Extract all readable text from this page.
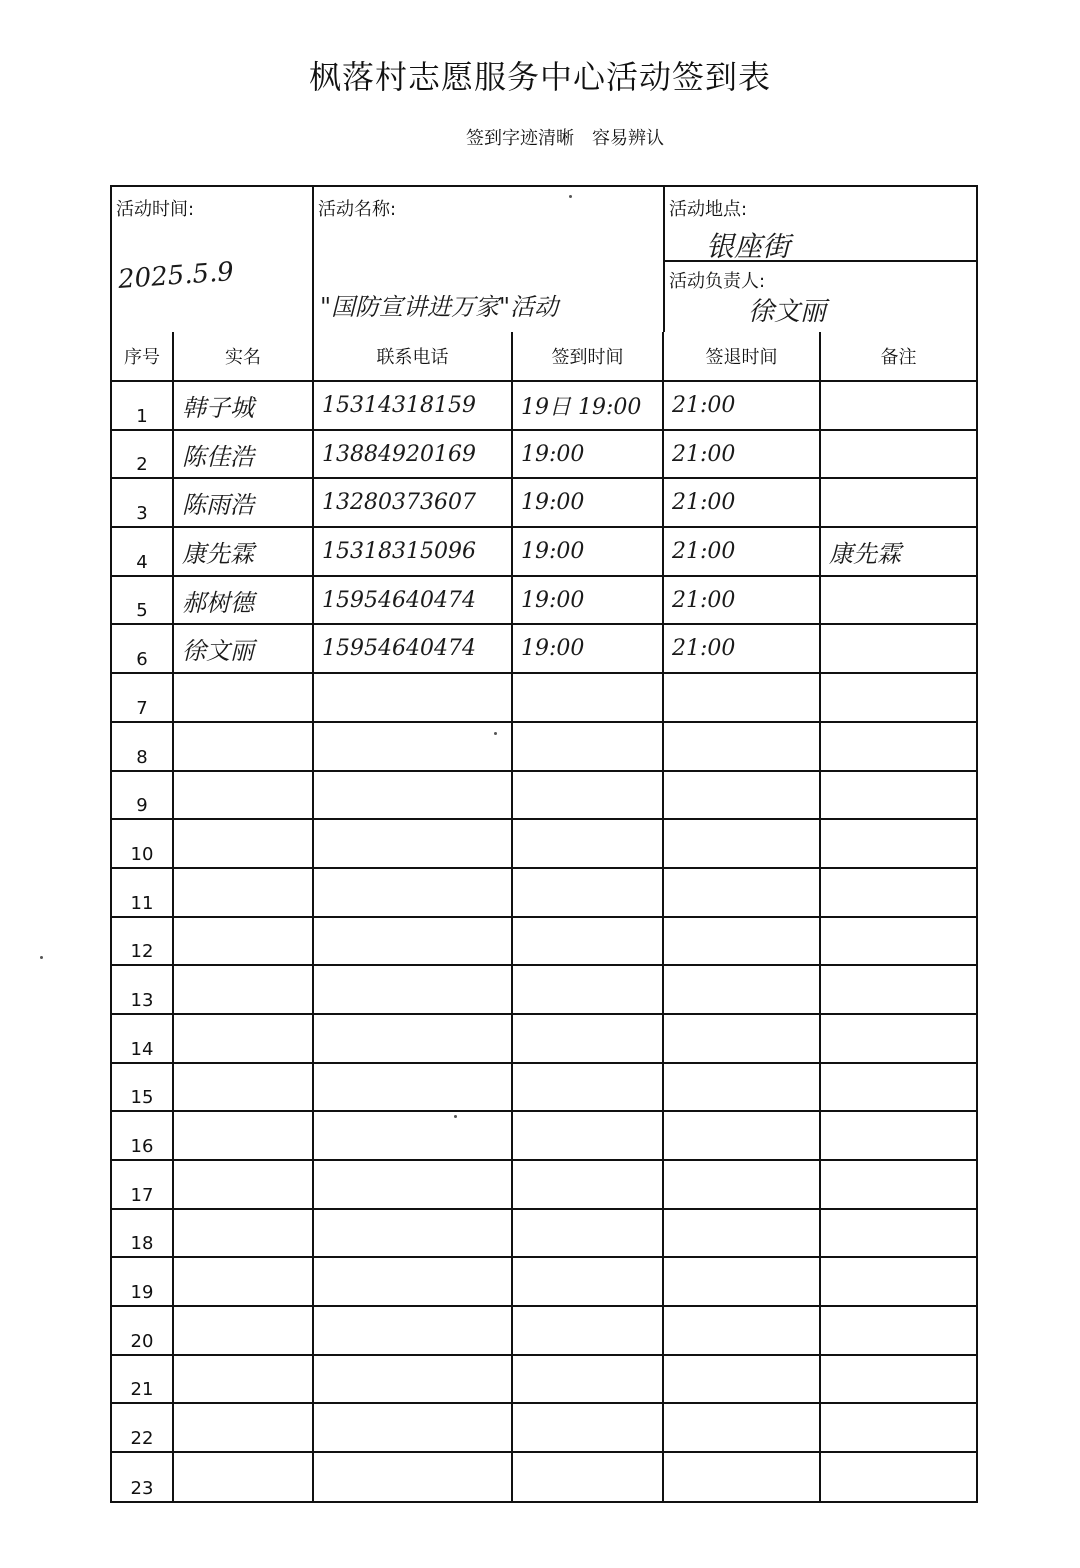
枫落村志愿服务中心活动签到表
签到字迹清晰　容易辨认
活动时间:
2025.5.9
活动名称:
"国防宣讲进万家"活动
活动地点:
银座街
活动负责人:
徐文丽
序号	实名	联系电话	签到时间	签退时间	备注
1	韩子城	15314318159	19日 19:00	21:00	
2	陈佳浩	13884920169	19:00	21:00	
3	陈雨浩	13280373607	19:00	21:00	
4	康先霖	15318315096	19:00	21:00	康先霖
5	郝树德	15954640474	19:00	21:00	
6	徐文丽	15954640474	19:00	21:00	
7					
8					
9					
10					
11					
12					
13					
14					
15					
16					
17					
18					
19					
20					
21					
22					
23					
